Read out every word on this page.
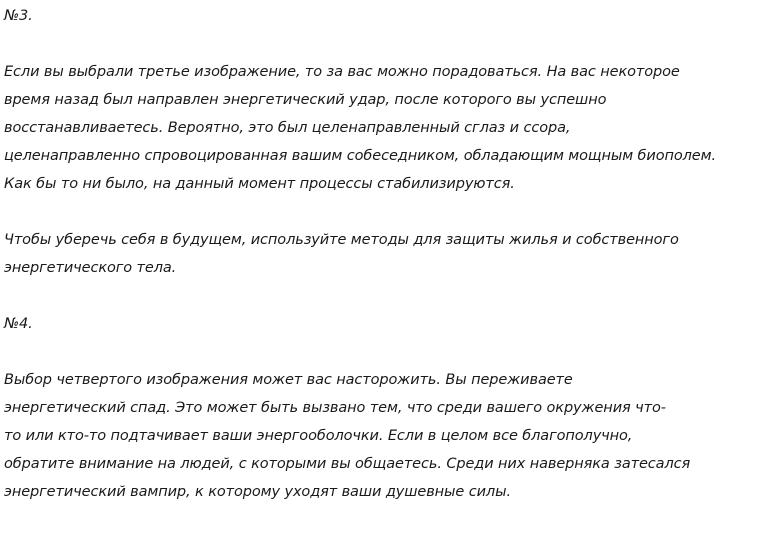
№3.
Если вы выбрали третье изображение, то за вас можно порадоваться. На вас некоторое
время назад был направлен энергетический удар, после которого вы успешно
восстанавливаетесь. Вероятно, это был целенаправленный сглаз и ссора,
целенаправленно спровоцированная вашим собеседником, обладающим мощным биополем.
Как бы то ни было, на данный момент процессы стабилизируются.
Чтобы уберечь себя в будущем, используйте методы для защиты жилья и собственного
энергетического тела.
№4.
Выбор четвертого изображения может вас насторожить. Вы переживаете
энергетический спад. Это может быть вызвано тем, что среди вашего окружения что-
то или кто-то подтачивает ваши энергооболочки. Если в целом все благополучно,
обратите внимание на людей, с которыми вы общаетесь. Среди них наверняка затесался
энергетический вампир, к которому уходят ваши душевные силы.
